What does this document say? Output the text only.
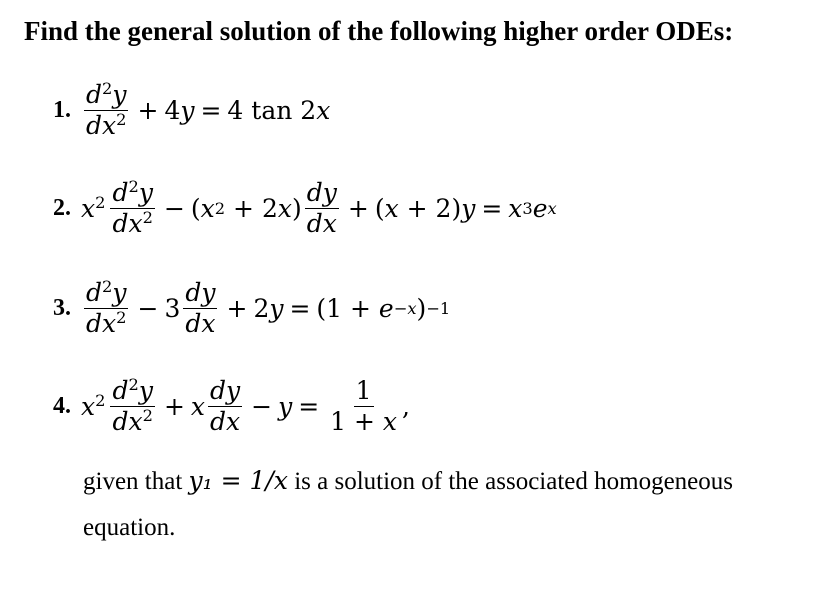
Find the general solution of the following higher order ODEs:
1. $\frac{d^2y}{dx^2} + 4$ y = 4 tan 2 x
2. $x^2 \frac{d^2y}{dx^2}$ − ( x 2 + 2 x ) $\frac{dy}{dx}$ + ( x + 2) y = x 3 e x
3. $\frac{d^2y}{dx^2} - 3 \frac{dy}{dx} + 2$ y = (1 + e −x ) −1
4. $x^2 \frac{d^2y}{dx^2} + x \frac{dy}{dx} - y = \frac{1}{1 + x}$ ,
given that y₁ = 1/x is a solution of the associated homogeneous
equation.
